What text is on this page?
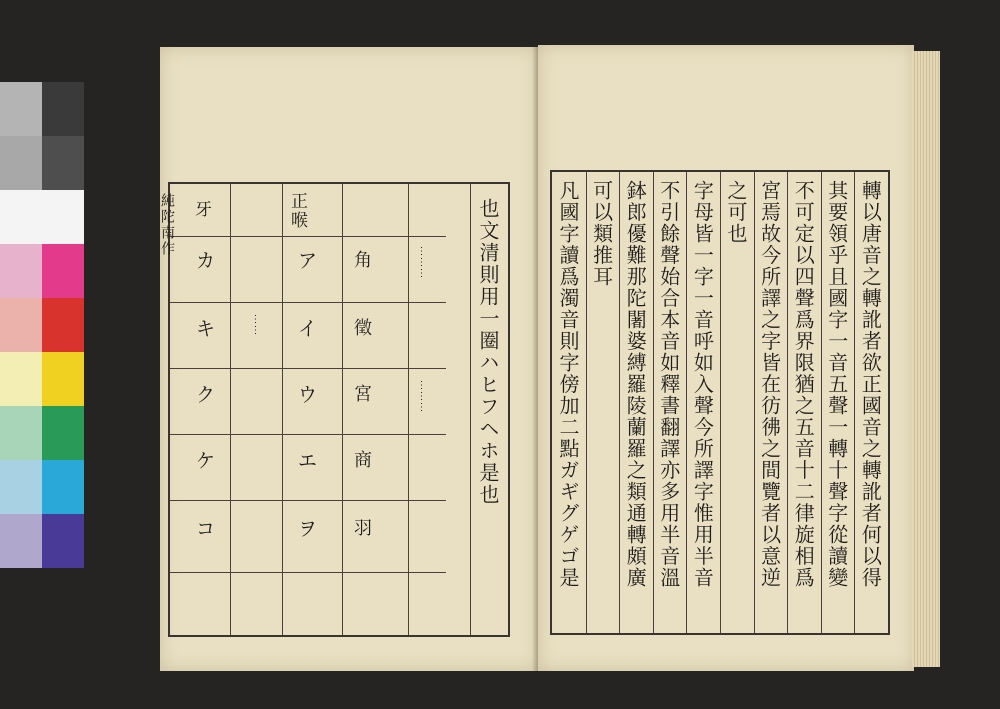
也文清則用一圈ハヒフヘホ是也
正喉
牙
角
徵
宮
商
羽
ア
イ
ウ
エ
ヲ
カ
キ
ク
ケ
コ
⋮⋮⋮
⋮⋮⋮
⋮⋮
純陀南作	轉以唐音之轉訛者欲正國音之轉訛者何以得
其要領乎且國字一音五聲一轉十聲字從讀變
不可定以四聲爲界限猶之五音十二律旋相爲
宮焉故今所譯之字皆在彷彿之間覽者以意逆
之可也
字母皆一字一音呼如入聲今所譯字惟用半音
不引餘聲始合本音如釋書翻譯亦多用半音溫
鉢郎優難那陀闍婆縛羅陵蘭羅之類通轉頗廣
可以類推耳
凡國字讀爲濁音則字傍加二點ガギグゲゴ是
